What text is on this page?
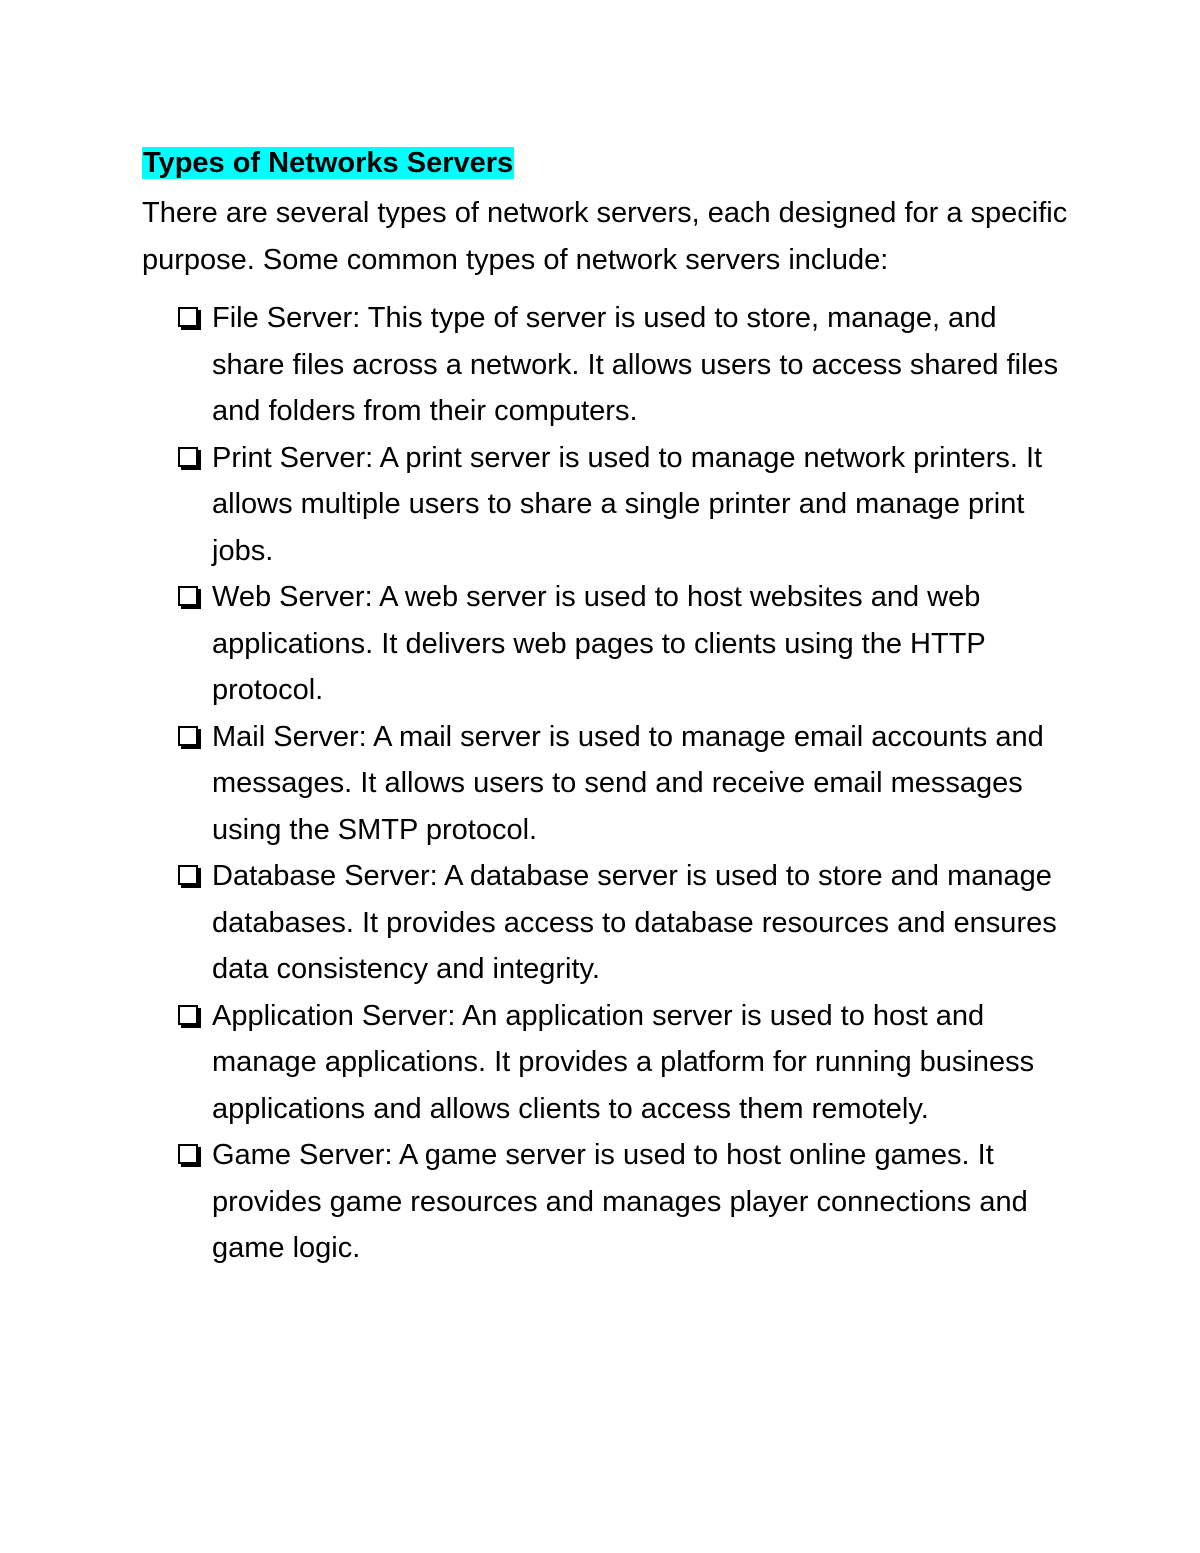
Types of Networks Servers

There are several types of network servers, each designed for a specific purpose. Some common types of network servers include:

File Server: This type of server is used to store, manage, and share files across a network. It allows users to access shared files and folders from their computers.
Print Server: A print server is used to manage network printers. It allows multiple users to share a single printer and manage print jobs.
Web Server: A web server is used to host websites and web applications. It delivers web pages to clients using the HTTP protocol.
Mail Server: A mail server is used to manage email accounts and messages. It allows users to send and receive email messages using the SMTP protocol.
Database Server: A database server is used to store and manage databases. It provides access to database resources and ensures data consistency and integrity.
Application Server: An application server is used to host and manage applications. It provides a platform for running business applications and allows clients to access them remotely.
Game Server: A game server is used to host online games. It provides game resources and manages player connections and game logic.
